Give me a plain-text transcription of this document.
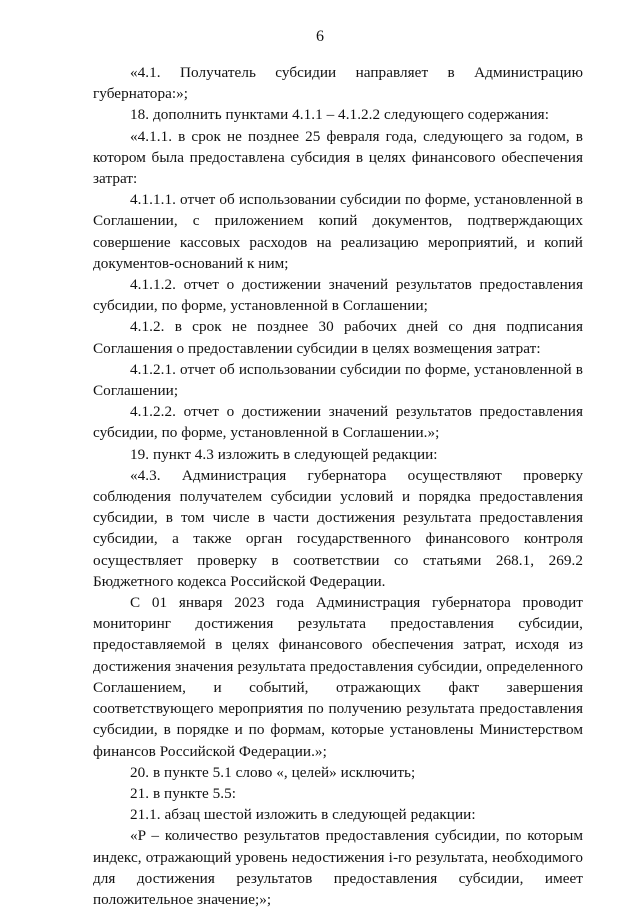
6

«4.1. Получатель субсидии направляет в Администрацию губернатора:»;

18. дополнить пунктами 4.1.1 – 4.1.2.2 следующего содержания:

«4.1.1. в срок не позднее 25 февраля года, следующего за годом, в котором была предоставлена субсидия в целях финансового обеспечения затрат:

4.1.1.1. отчет об использовании субсидии по форме, установленной в Соглашении, с приложением копий документов, подтверждающих совершение кассовых расходов на реализацию мероприятий, и копий документов-оснований к ним;

4.1.1.2. отчет о достижении значений результатов предоставления субсидии, по форме, установленной в Соглашении;

4.1.2. в срок не позднее 30 рабочих дней со дня подписания Соглашения о предоставлении субсидии в целях возмещения затрат:

4.1.2.1. отчет об использовании субсидии по форме, установленной в Соглашении;

4.1.2.2. отчет о достижении значений результатов предоставления субсидии, по форме, установленной в Соглашении.»;

19. пункт 4.3 изложить в следующей редакции:

«4.3. Администрация губернатора осуществляют проверку соблюдения получателем субсидии условий и порядка предоставления субсидии, в том числе в части достижения результата предоставления субсидии, а также орган государственного финансового контроля осуществляет проверку в соответствии со статьями 268.1, 269.2 Бюджетного кодекса Российской Федерации.

С 01 января 2023 года Администрация губернатора проводит мониторинг достижения результата предоставления субсидии, предоставляемой в целях финансового обеспечения затрат, исходя из достижения значения результата предоставления субсидии, определенного Соглашением, и событий, отражающих факт завершения соответствующего мероприятия по получению результата предоставления субсидии, в порядке и по формам, которые установлены Министерством финансов Российской Федерации.»;

20. в пункте 5.1 слово «, целей» исключить;

21. в пункте 5.5:

21.1. абзац шестой изложить в следующей редакции:

«P – количество результатов предоставления субсидии, по которым индекс, отражающий уровень недостижения i-го результата, необходимого для достижения результатов предоставления субсидии, имеет положительное значение;»;
